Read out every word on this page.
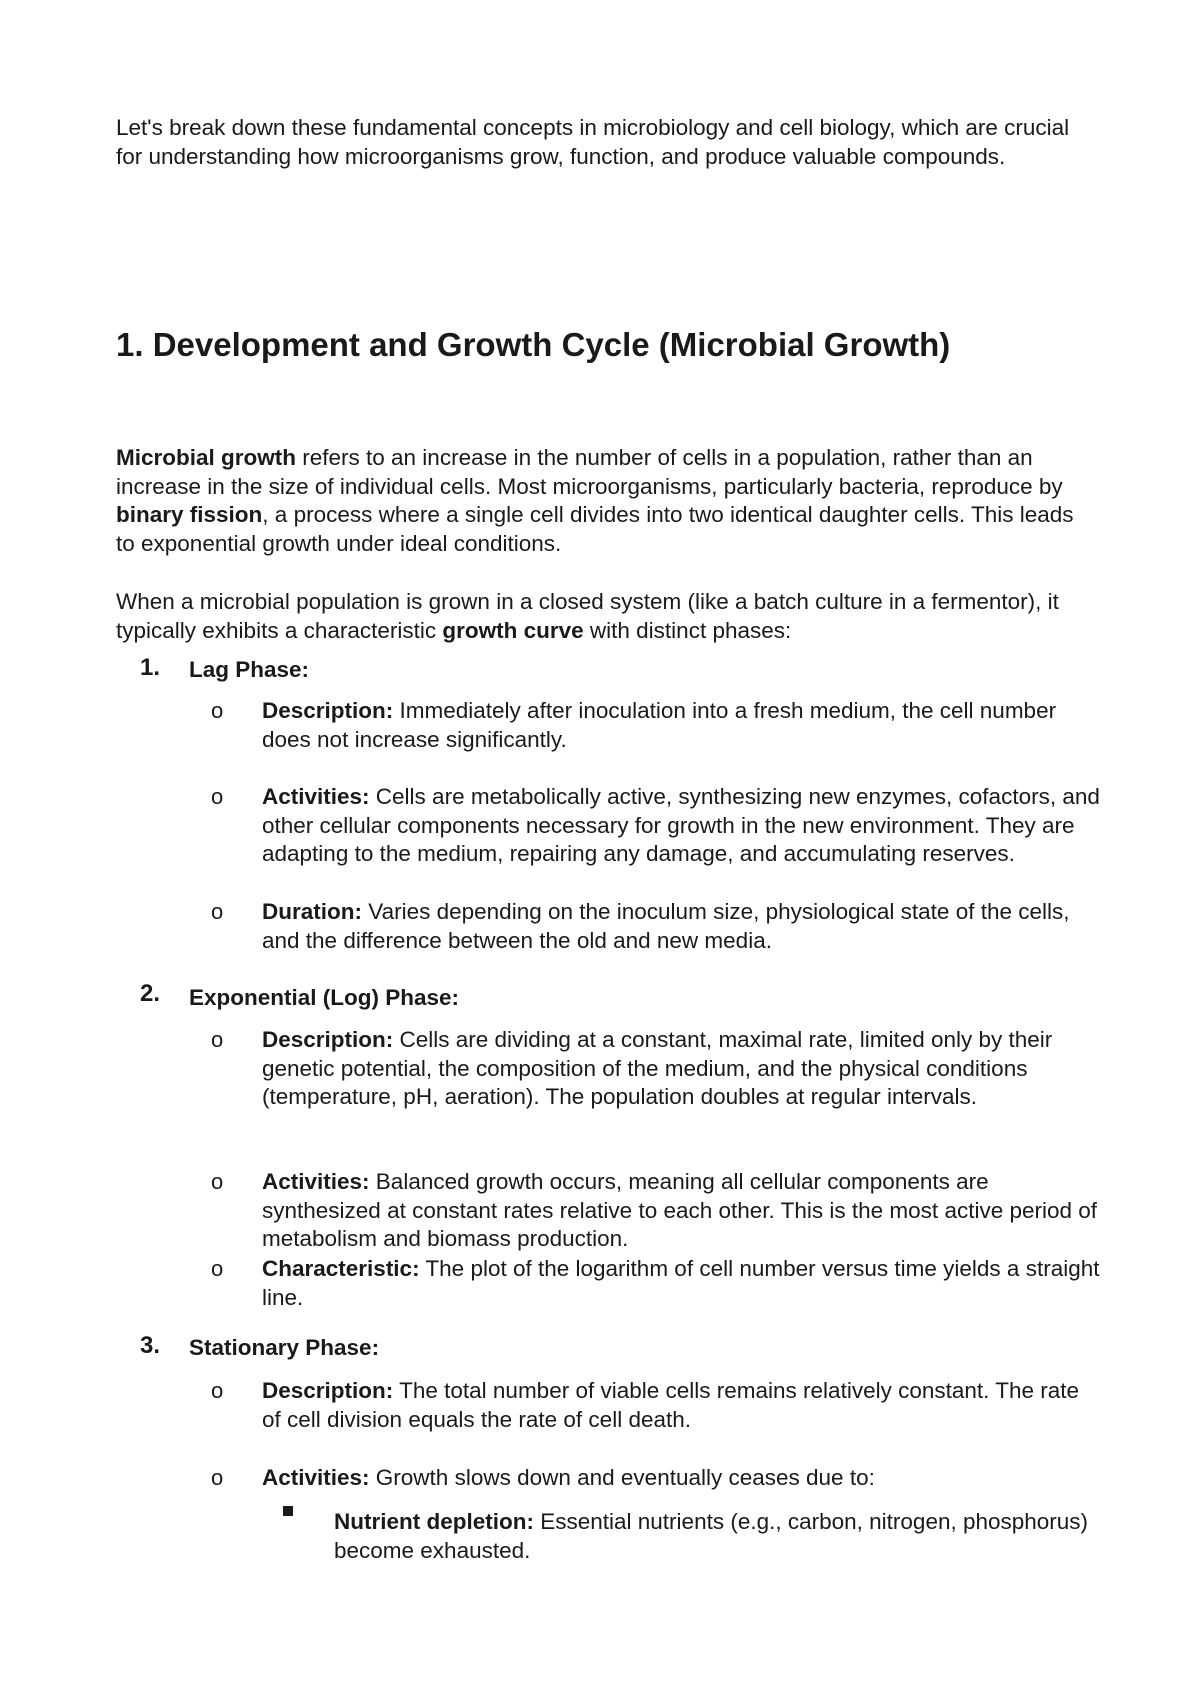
Let's break down these fundamental concepts in microbiology and cell biology, which are crucial for understanding how microorganisms grow, function, and produce valuable compounds.

1. Development and Growth Cycle (Microbial Growth)

Microbial growth refers to an increase in the number of cells in a population, rather than an increase in the size of individual cells. Most microorganisms, particularly bacteria, reproduce by binary fission, a process where a single cell divides into two identical daughter cells. This leads to exponential growth under ideal conditions.

When a microbial population is grown in a closed system (like a batch culture in a fermentor), it typically exhibits a characteristic growth curve with distinct phases:

1. Lag Phase:
o Description: Immediately after inoculation into a fresh medium, the cell number does not increase significantly.

o Activities: Cells are metabolically active, synthesizing new enzymes, cofactors, and other cellular components necessary for growth in the new environment. They are adapting to the medium, repairing any damage, and accumulating reserves.

o Duration: Varies depending on the inoculum size, physiological state of the cells, and the difference between the old and new media.

2. Exponential (Log) Phase:
o Description: Cells are dividing at a constant, maximal rate, limited only by their genetic potential, the composition of the medium, and the physical conditions (temperature, pH, aeration). The population doubles at regular intervals.

o Activities: Balanced growth occurs, meaning all cellular components are synthesized at constant rates relative to each other. This is the most active period of metabolism and biomass production.

o Characteristic: The plot of the logarithm of cell number versus time yields a straight line.

3. Stationary Phase:
o Description: The total number of viable cells remains relatively constant. The rate of cell division equals the rate of cell death.

o Activities: Growth slows down and eventually ceases due to:

Nutrient depletion: Essential nutrients (e.g., carbon, nitrogen, phosphorus) become exhausted.
